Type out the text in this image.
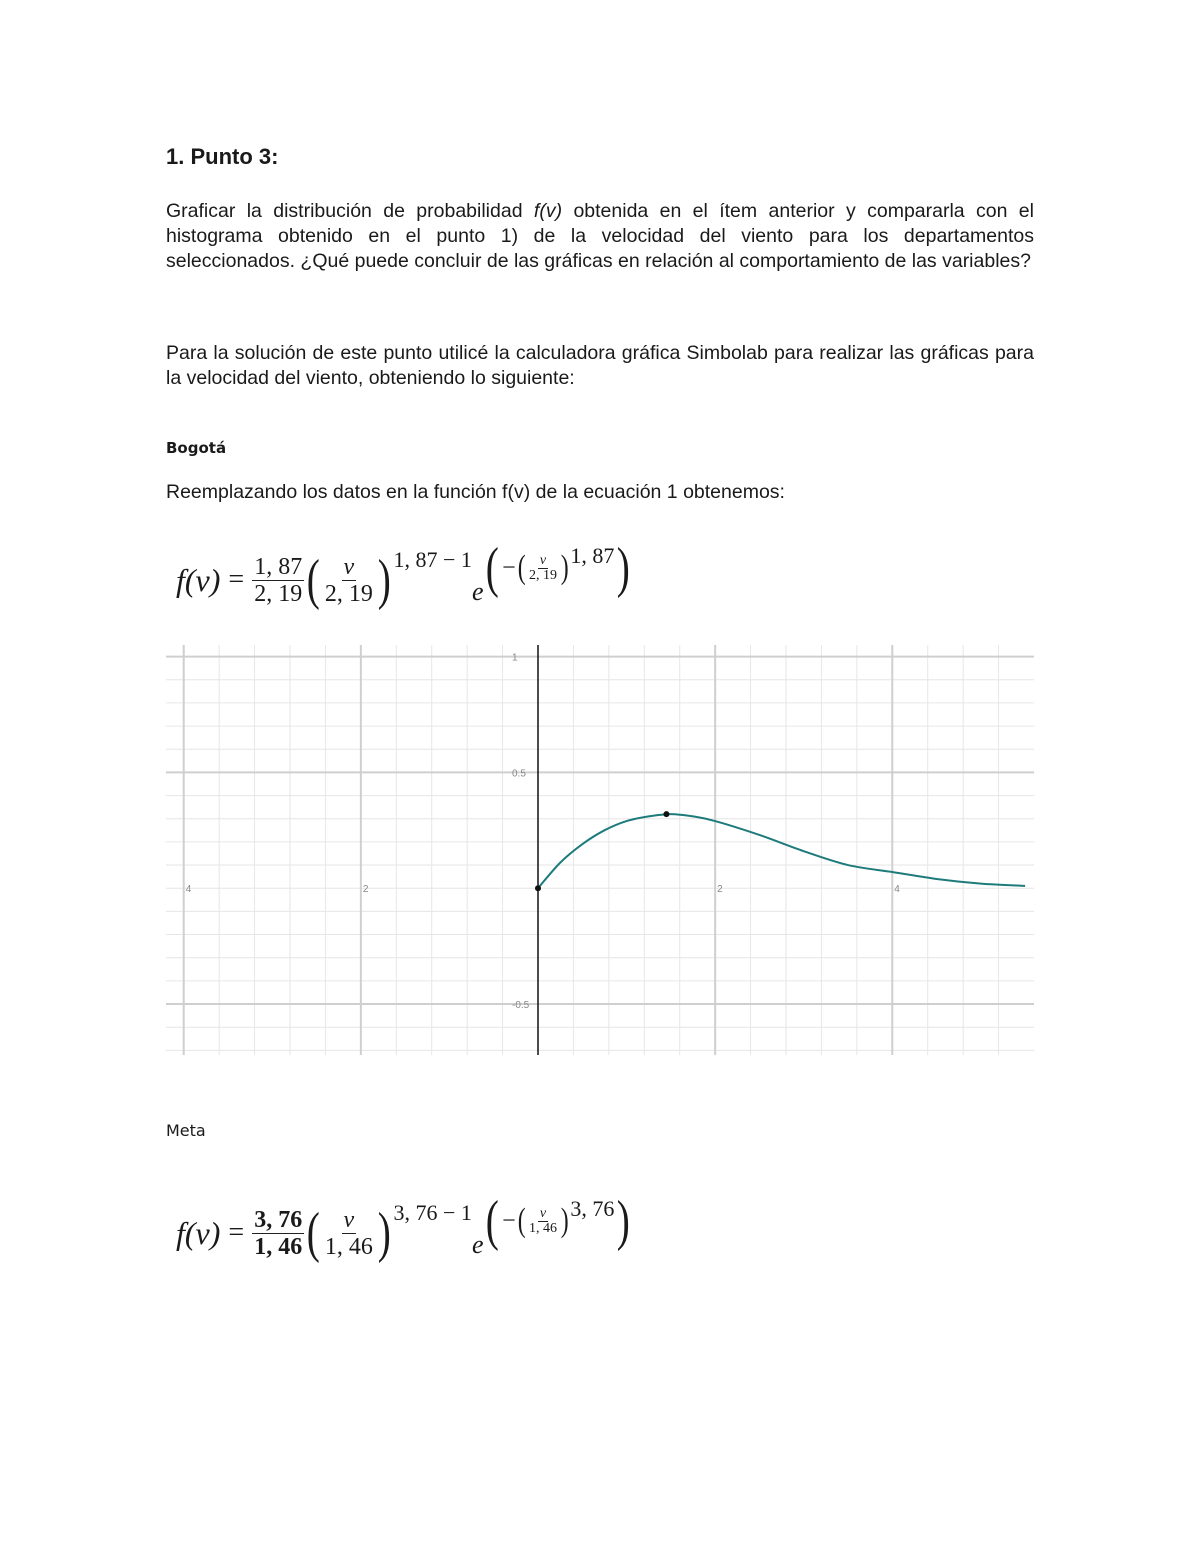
1. Punto 3:
Graficar la distribución de probabilidad f(v) obtenida en el ítem anterior y compararla con el histograma obtenido en el punto 1) de la velocidad del viento para los departamentos seleccionados. ¿Qué puede concluir de las gráficas en relación al comportamiento de las variables?
Para la solución de este punto utilicé la calculadora gráfica Simbolab para realizar las gráficas para la velocidad del viento, obteniendo lo siguiente:
Bogotá
Reemplazando los datos en la función f(v) de la ecuación 1 obtenemos:
$f(v) = \frac{1, 87}{2, 19}$ ( $\frac{v}{2, 19}$ ) 1, 87 − 1
e ( − ( $\frac{v}{2, 19}$ ) 1, 87 )
4	2	2	4
-0.5
0.5
1
Meta
$f(v) = \frac{3, 76}{1, 46}$ ( $\frac{v}{1, 46}$ ) 3, 76 − 1
e ( − ( $\frac{v}{1, 46}$ ) 3, 76 )
